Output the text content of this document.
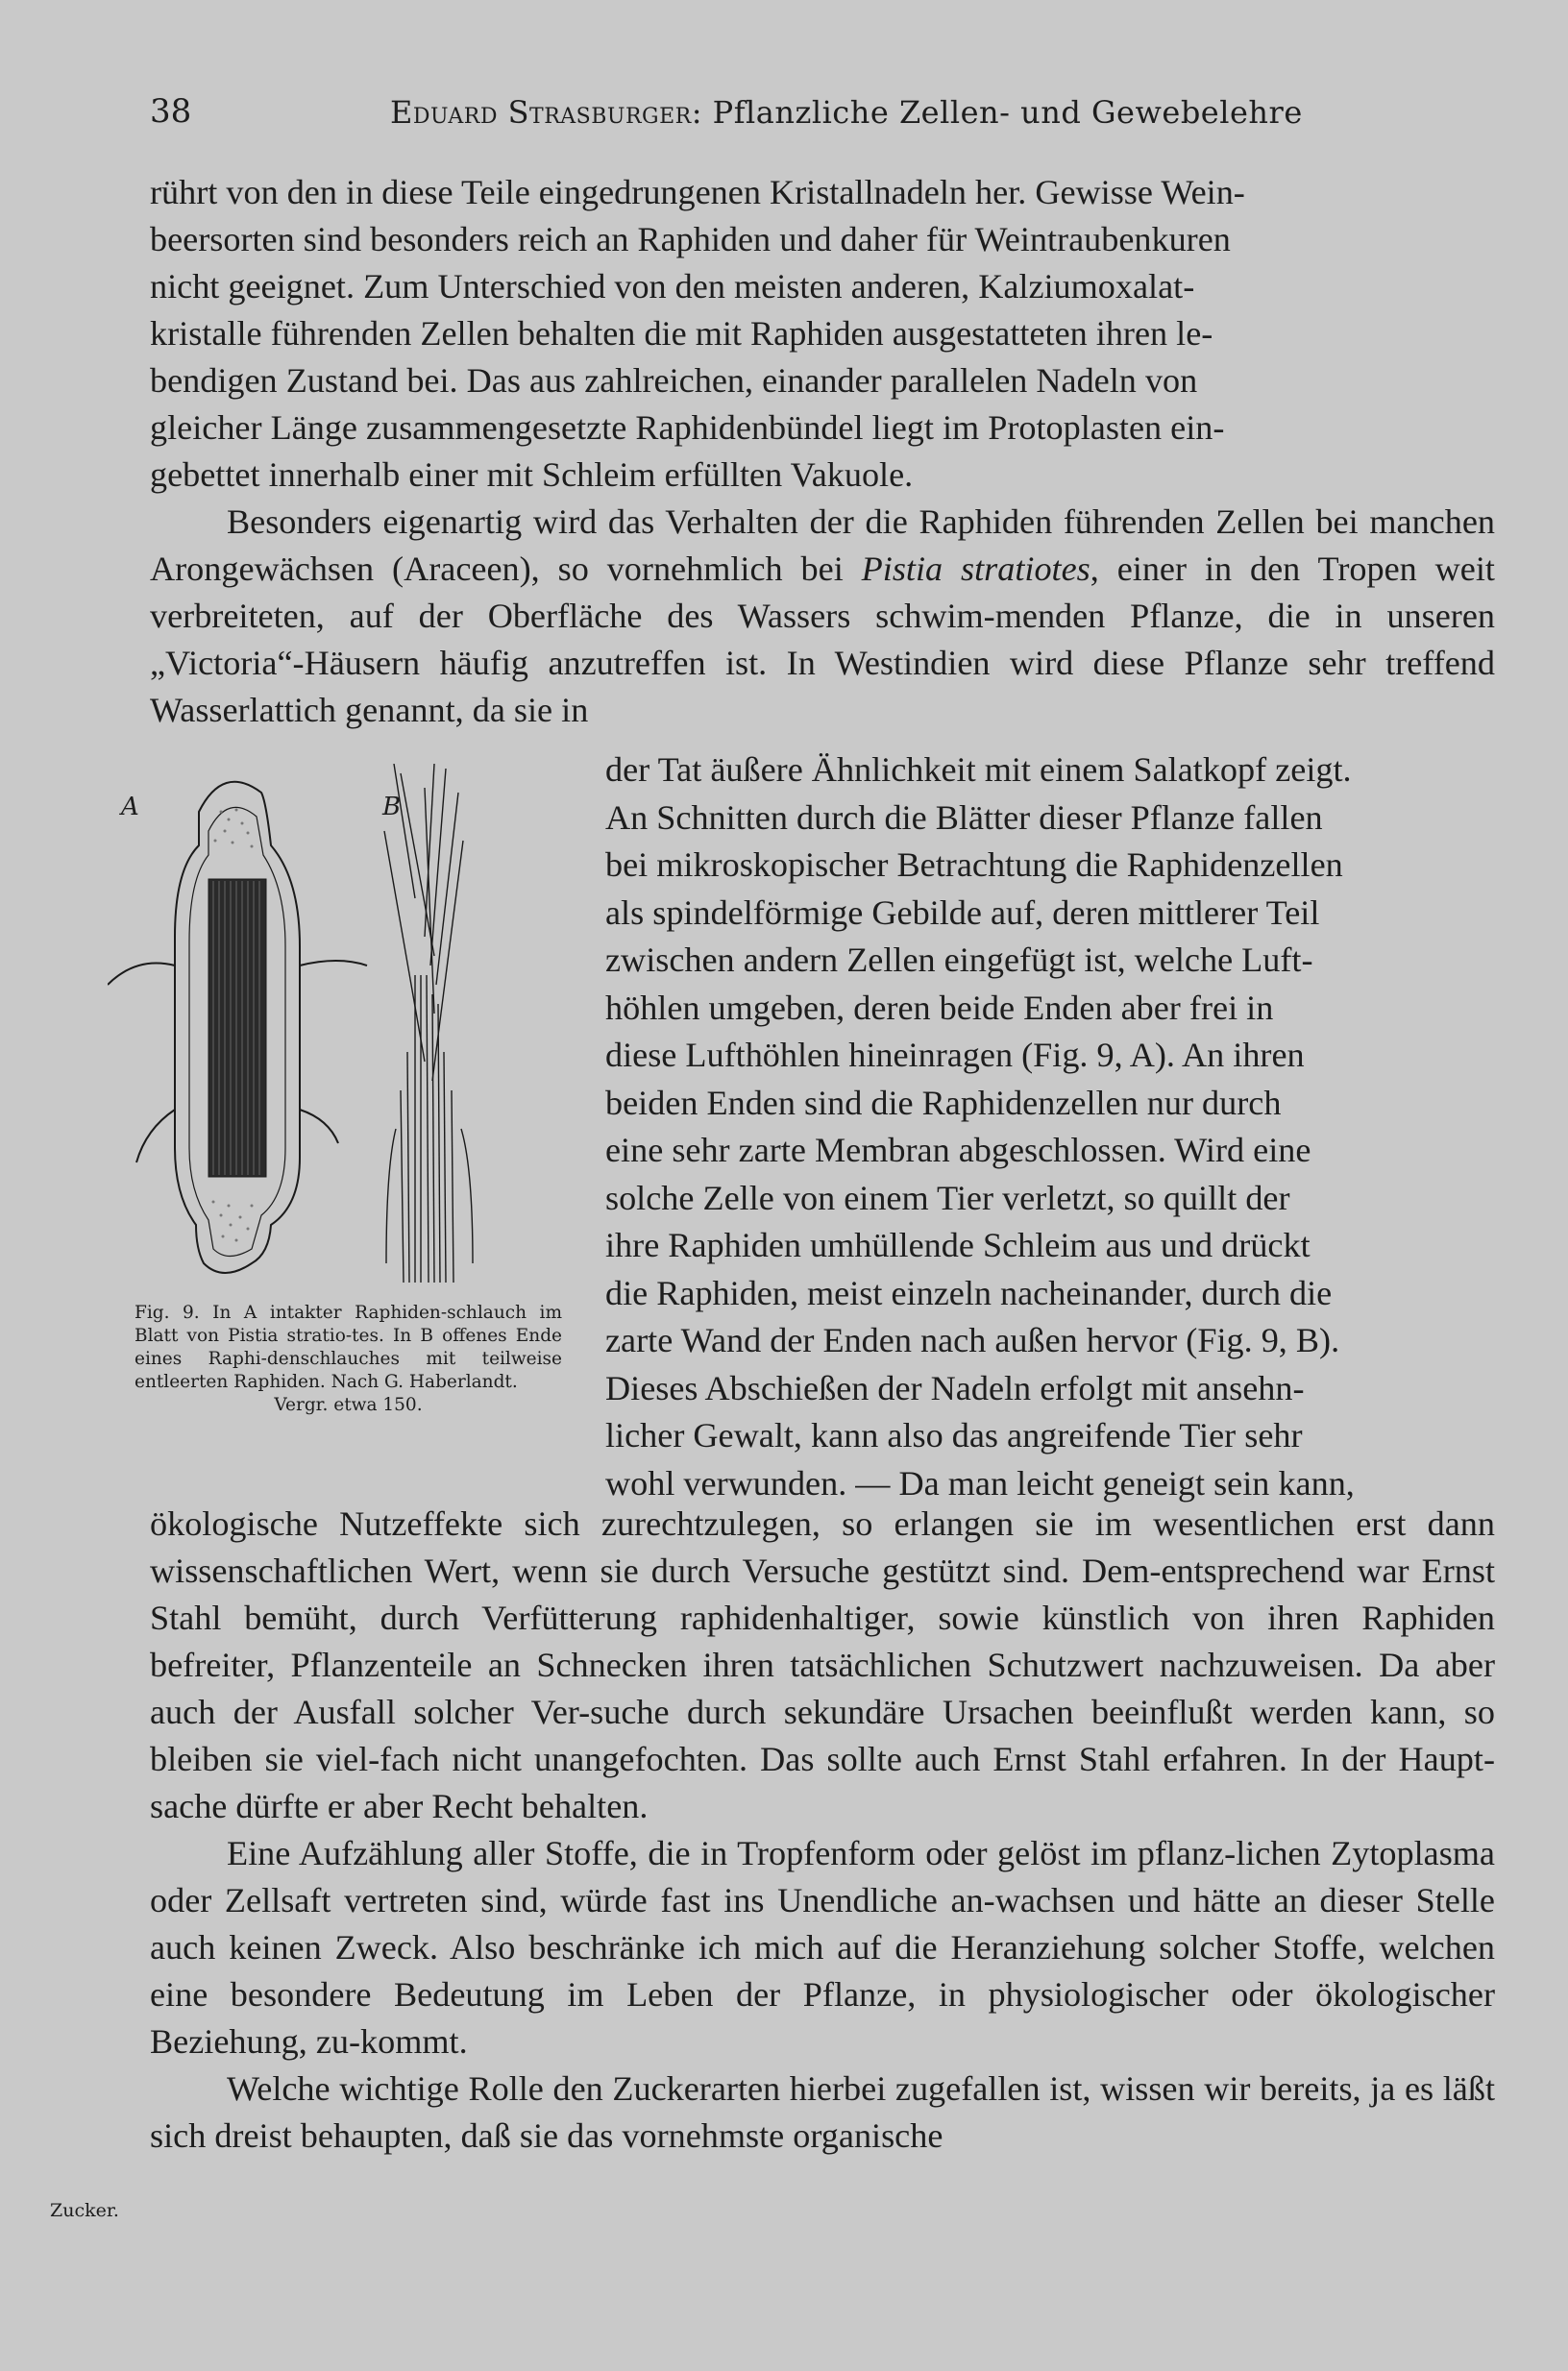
38	Eduard Strasburger: Pflanzliche Zellen- und Gewebelehre

rührt von den in diese Teile eingedrungenen Kristallnadeln her. Gewisse Wein-

beersorten sind besonders reich an Raphiden und daher für Weintraubenkuren

nicht geeignet. Zum Unterschied von den meisten anderen, Kalziumoxalat-

kristalle führenden Zellen behalten die mit Raphiden ausgestatteten ihren le-

bendigen Zustand bei. Das aus zahlreichen, einander parallelen Nadeln von

gleicher Länge zusammengesetzte Raphidenbündel liegt im Protoplasten ein-

gebettet innerhalb einer mit Schleim erfüllten Vakuole.

Besonders eigenartig wird das Verhalten der die Raphiden führenden Zellen bei manchen Arongewächsen (Araceen), so vornehmlich bei Pistia stratiotes, einer in den Tropen weit verbreiteten, auf der Oberfläche des Wassers schwim-menden Pflanze, die in unseren „Victoria“-Häusern häufig anzutreffen ist. In Westindien wird diese Pflanze sehr treffend Wasserlattich genannt, da sie in

der Tat äußere Ähnlichkeit mit einem Salatkopf zeigt.

An Schnitten durch die Blätter dieser Pflanze fallen

bei mikroskopischer Betrachtung die Raphidenzellen

als spindelförmige Gebilde auf, deren mittlerer Teil

zwischen andern Zellen eingefügt ist, welche Luft-

höhlen umgeben, deren beide Enden aber frei in

diese Lufthöhlen hineinragen (Fig. 9, A). An ihren

beiden Enden sind die Raphidenzellen nur durch

eine sehr zarte Membran abgeschlossen. Wird eine

solche Zelle von einem Tier verletzt, so quillt der

ihre Raphiden umhüllende Schleim aus und drückt

die Raphiden, meist einzeln nacheinander, durch die

zarte Wand der Enden nach außen hervor (Fig. 9, B).

Dieses Abschießen der Nadeln erfolgt mit ansehn-

licher Gewalt, kann also das angreifende Tier sehr

wohl verwunden. — Da man leicht geneigt sein kann,

A	B
Fig. 9. In A intakter Raphiden-schlauch im Blatt von Pistia stratio-tes. In B offenes Ende eines Raphi-denschlauches mit teilweise entleerten Raphiden. Nach G. Haberlandt.
Vergr. etwa 150.

ökologische Nutzeffekte sich zurechtzulegen, so erlangen sie im wesentlichen erst dann wissenschaftlichen Wert, wenn sie durch Versuche gestützt sind. Dem-entsprechend war Ernst Stahl bemüht, durch Verfütterung raphidenhaltiger, sowie künstlich von ihren Raphiden befreiter, Pflanzenteile an Schnecken ihren tatsächlichen Schutzwert nachzuweisen. Da aber auch der Ausfall solcher Ver-suche durch sekundäre Ursachen beeinflußt werden kann, so bleiben sie viel-fach nicht unangefochten. Das sollte auch Ernst Stahl erfahren. In der Haupt-sache dürfte er aber Recht behalten.

Eine Aufzählung aller Stoffe, die in Tropfenform oder gelöst im pflanz-lichen Zytoplasma oder Zellsaft vertreten sind, würde fast ins Unendliche an-wachsen und hätte an dieser Stelle auch keinen Zweck. Also beschränke ich mich auf die Heranziehung solcher Stoffe, welchen eine besondere Bedeutung im Leben der Pflanze, in physiologischer oder ökologischer Beziehung, zu-kommt.

Welche wichtige Rolle den Zuckerarten hierbei zugefallen ist, wissen wir bereits, ja es läßt sich dreist behaupten, daß sie das vornehmste organische

Zucker.
